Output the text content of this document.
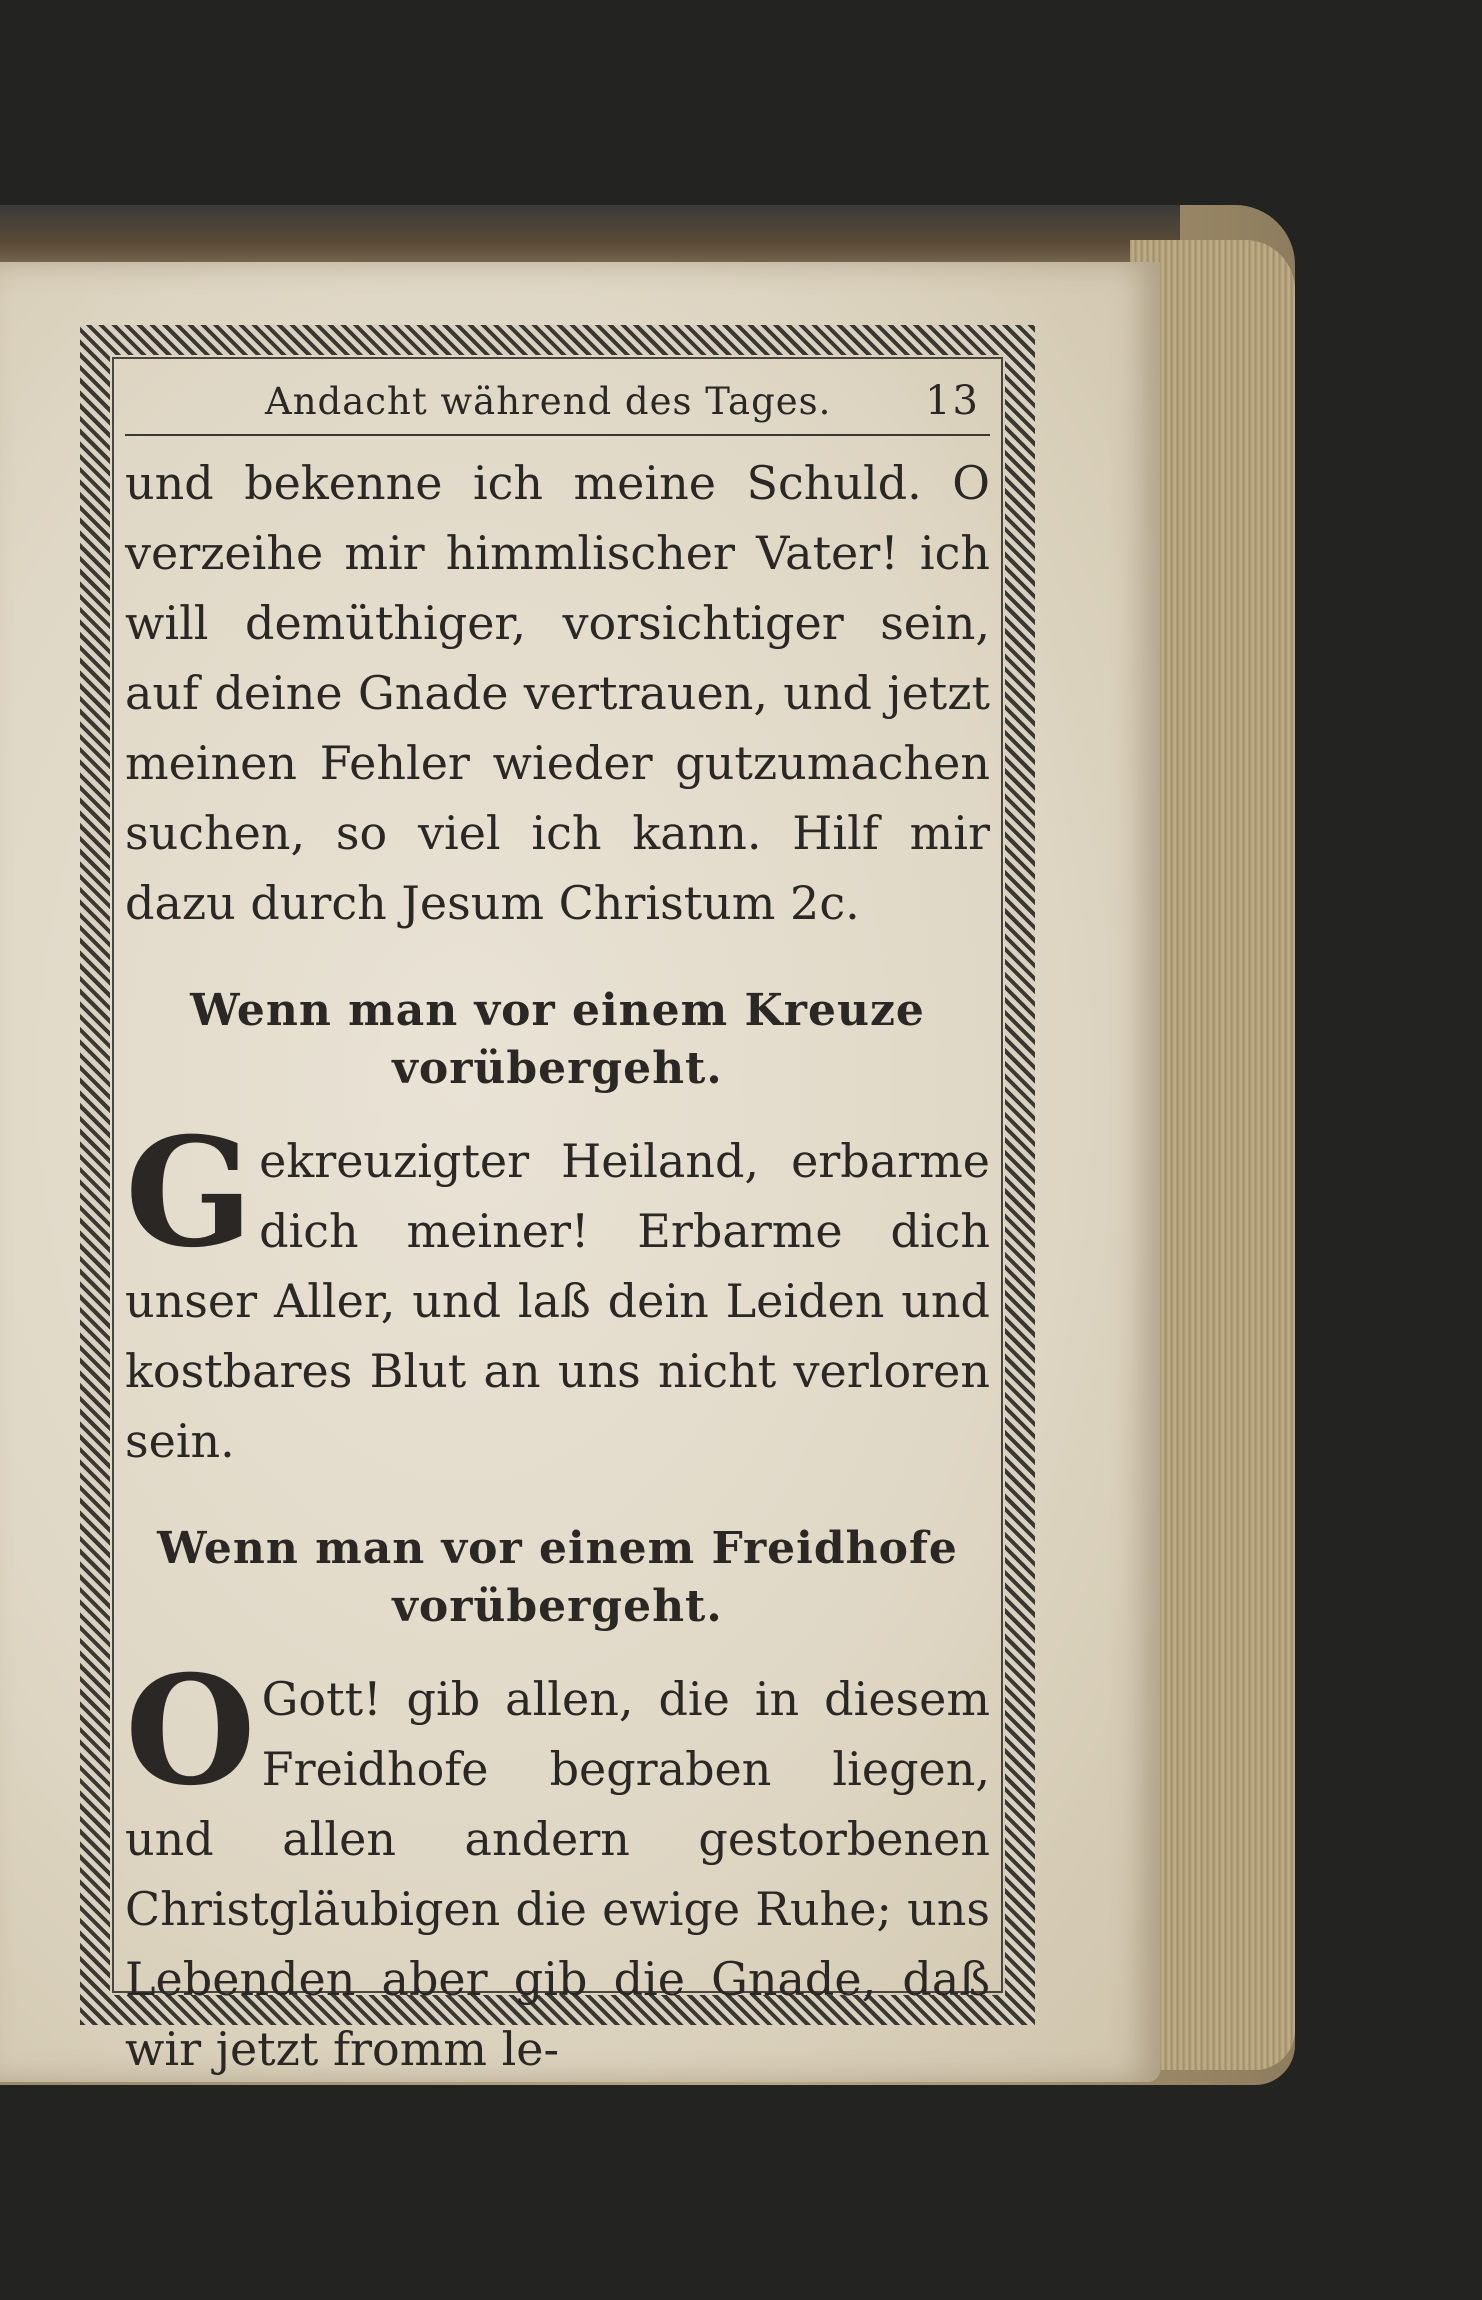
Andacht während des Tages. 13

und bekenne ich meine Schuld. O verzeihe mir himmlischer Vater! ich will demüthiger, vorsichtiger sein, auf deine Gnade vertrauen, und jetzt meinen Fehler wieder gutzumachen suchen, so viel ich kann. Hilf mir dazu durch Jesum Christum 2c.

Wenn man vor einem Kreuze
vorübergeht.

G ekreuzigter Heiland, erbarme dich meiner! Erbarme dich unser Aller, und laß dein Leiden und kostbares Blut an uns nicht verloren sein.

Wenn man vor einem Freidhofe
vorübergeht.

O Gott! gib allen, die in diesem Freidhofe begraben liegen, und allen andern gestorbenen Christgläubigen die ewige Ruhe; uns Lebenden aber gib die Gnade, daß wir jetzt fromm le-
